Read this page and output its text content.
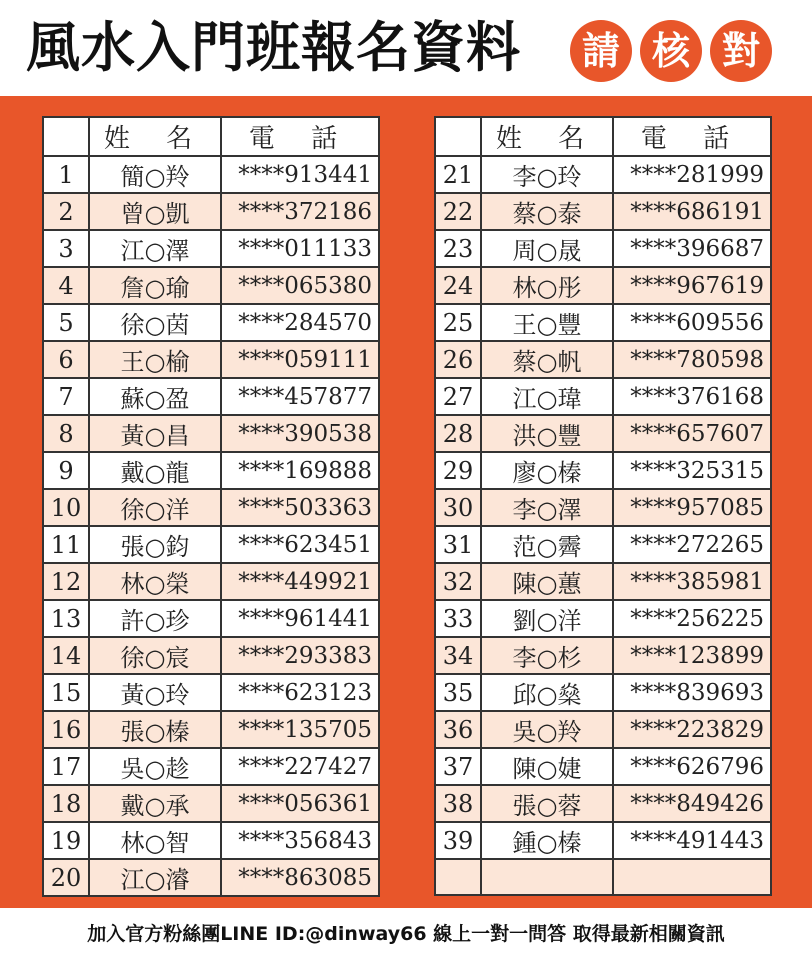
風水入門班報名資料	請 核 對
	姓 名	電 話
1	簡○羚	****913441
2	曾○凱	****372186
3	江○澤	****011133
4	詹○瑜	****065380
5	徐○茵	****284570
6	王○榆	****059111
7	蘇○盈	****457877
8	黃○昌	****390538
9	戴○龍	****169888
10	徐○洋	****503363
11	張○鈞	****623451
12	林○榮	****449921
13	許○珍	****961441
14	徐○宸	****293383
15	黃○玲	****623123
16	張○榛	****135705
17	吳○趁	****227427
18	戴○承	****056361
19	林○智	****356843
20	江○濬	****863085
	姓 名	電 話
21	李○玲	****281999
22	蔡○泰	****686191
23	周○晟	****396687
24	林○彤	****967619
25	王○豐	****609556
26	蔡○帆	****780598
27	江○瑋	****376168
28	洪○豐	****657607
29	廖○榛	****325315
30	李○澤	****957085
31	范○霽	****272265
32	陳○蕙	****385981
33	劉○洋	****256225
34	李○杉	****123899
35	邱○燊	****839693
36	吳○羚	****223829
37	陳○婕	****626796
38	張○蓉	****849426
39	鍾○榛	****491443

加入官方粉絲團LINE ID:@dinway66 線上一對一問答 取得最新相關資訊
